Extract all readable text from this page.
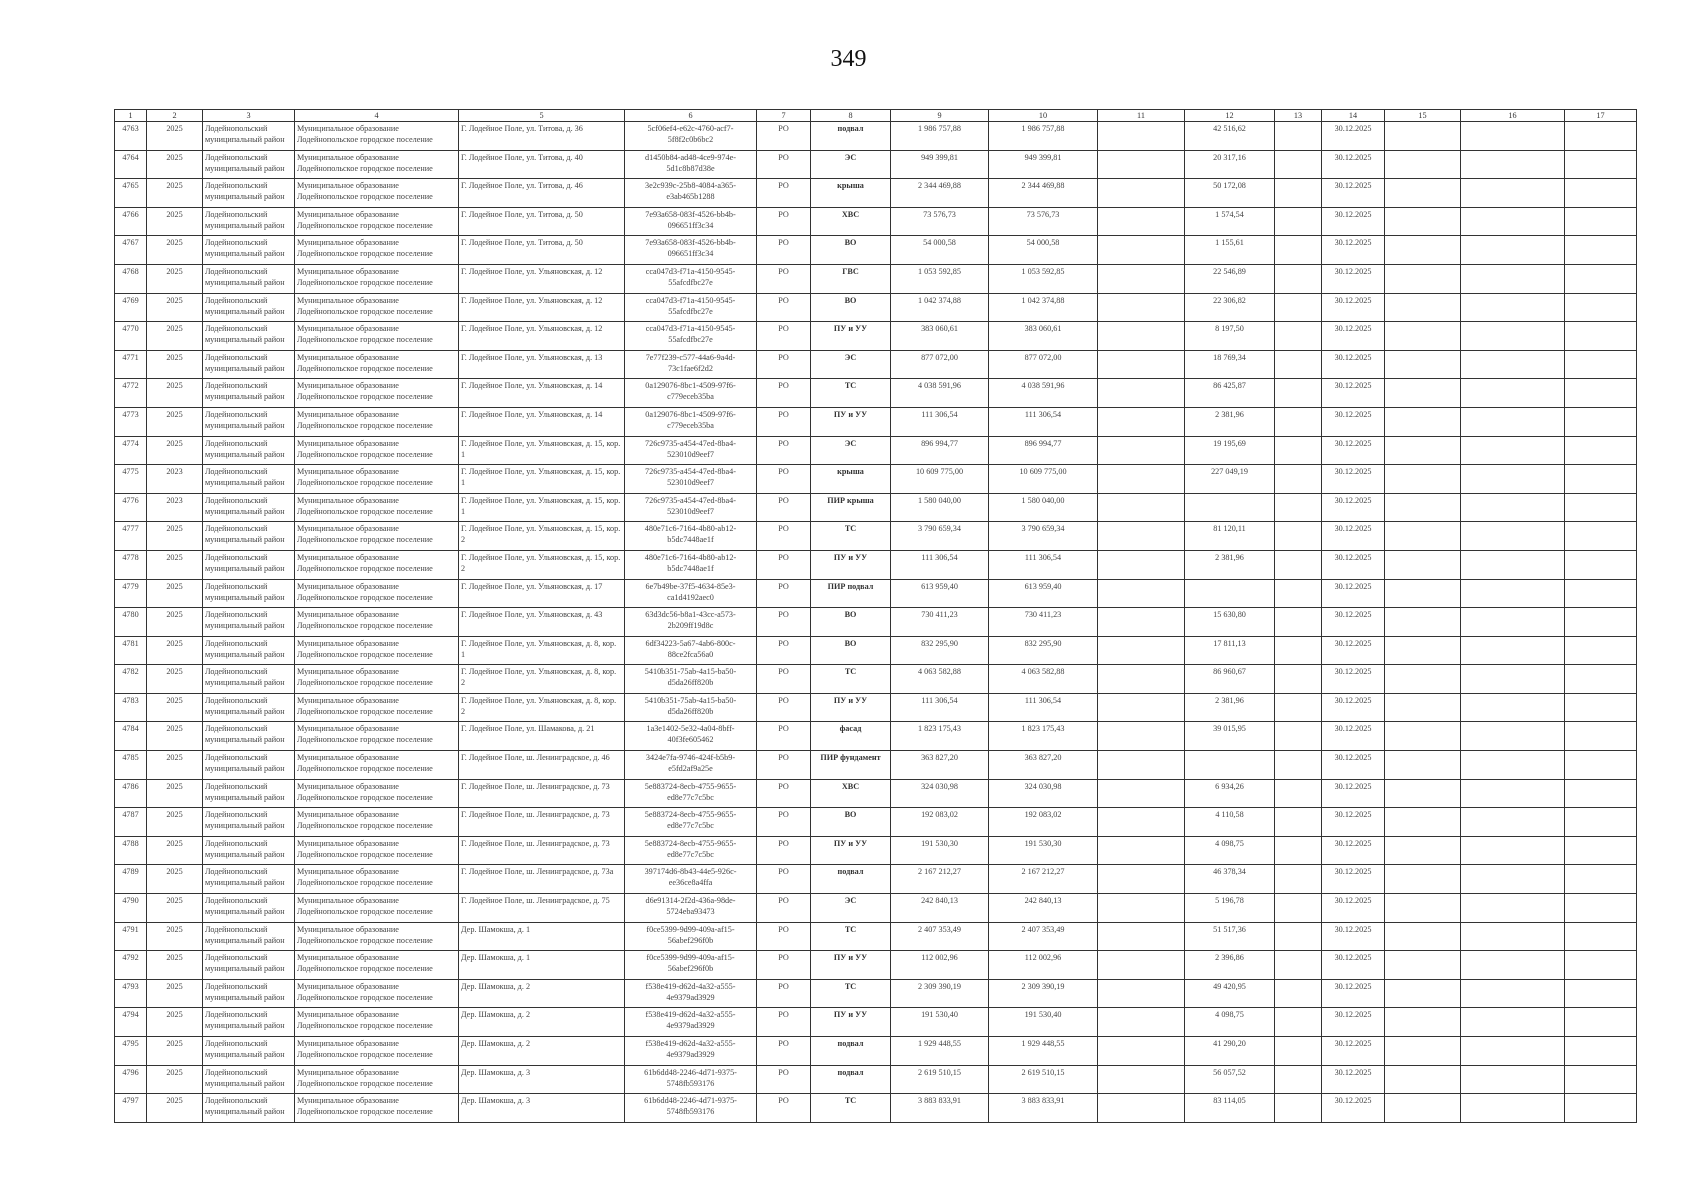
349
1	2	3	4	5	6	7	8	9	10	11	12	13	14	15	16	17
4763	2025	Лодейнопольский муниципальный район	Муниципальное образование Лодейнопольское городское поселение	Г. Лодейное Поле, ул. Титова, д. 36	5cf06ef4-e62c-4760-acf7-5f8f2c0b6bc2	РО	подвал	1 986 757,88	1 986 757,88		42 516,62		30.12.2025			
4764	2025	Лодейнопольский муниципальный район	Муниципальное образование Лодейнопольское городское поселение	Г. Лодейное Поле, ул. Титова, д. 40	d1450b84-ad48-4ce9-974e-5d1c8b87d38e	РО	ЭС	949 399,81	949 399,81		20 317,16		30.12.2025			
4765	2025	Лодейнопольский муниципальный район	Муниципальное образование Лодейнопольское городское поселение	Г. Лодейное Поле, ул. Титова, д. 46	3e2c939c-25b8-4084-a365-e3ab465b1288	РО	крыша	2 344 469,88	2 344 469,88		50 172,08		30.12.2025			
4766	2025	Лодейнопольский муниципальный район	Муниципальное образование Лодейнопольское городское поселение	Г. Лодейное Поле, ул. Титова, д. 50	7e93a658-083f-4526-bb4b-096651ff3c34	РО	ХВС	73 576,73	73 576,73		1 574,54		30.12.2025			
4767	2025	Лодейнопольский муниципальный район	Муниципальное образование Лодейнопольское городское поселение	Г. Лодейное Поле, ул. Титова, д. 50	7e93a658-083f-4526-bb4b-096651ff3c34	РО	ВО	54 000,58	54 000,58		1 155,61		30.12.2025			
4768	2025	Лодейнопольский муниципальный район	Муниципальное образование Лодейнопольское городское поселение	Г. Лодейное Поле, ул. Ульяновская, д. 12	cca047d3-f71a-4150-9545-55afcdfbc27e	РО	ГВС	1 053 592,85	1 053 592,85		22 546,89		30.12.2025			
4769	2025	Лодейнопольский муниципальный район	Муниципальное образование Лодейнопольское городское поселение	Г. Лодейное Поле, ул. Ульяновская, д. 12	cca047d3-f71a-4150-9545-55afcdfbc27e	РО	ВО	1 042 374,88	1 042 374,88		22 306,82		30.12.2025			
4770	2025	Лодейнопольский муниципальный район	Муниципальное образование Лодейнопольское городское поселение	Г. Лодейное Поле, ул. Ульяновская, д. 12	cca047d3-f71a-4150-9545-55afcdfbc27e	РО	ПУ и УУ	383 060,61	383 060,61		8 197,50		30.12.2025			
4771	2025	Лодейнопольский муниципальный район	Муниципальное образование Лодейнопольское городское поселение	Г. Лодейное Поле, ул. Ульяновская, д. 13	7e77f239-c577-44a6-9a4d-73c1fae6f2d2	РО	ЭС	877 072,00	877 072,00		18 769,34		30.12.2025			
4772	2025	Лодейнопольский муниципальный район	Муниципальное образование Лодейнопольское городское поселение	Г. Лодейное Поле, ул. Ульяновская, д. 14	0a129076-8bc1-4509-97f6-c779eceb35ba	РО	ТС	4 038 591,96	4 038 591,96		86 425,87		30.12.2025			
4773	2025	Лодейнопольский муниципальный район	Муниципальное образование Лодейнопольское городское поселение	Г. Лодейное Поле, ул. Ульяновская, д. 14	0a129076-8bc1-4509-97f6-c779eceb35ba	РО	ПУ и УУ	111 306,54	111 306,54		2 381,96		30.12.2025			
4774	2025	Лодейнопольский муниципальный район	Муниципальное образование Лодейнопольское городское поселение	Г. Лодейное Поле, ул. Ульяновская, д. 15, кор. 1	726c9735-a454-47ed-8ba4-523010d9eef7	РО	ЭС	896 994,77	896 994,77		19 195,69		30.12.2025			
4775	2023	Лодейнопольский муниципальный район	Муниципальное образование Лодейнопольское городское поселение	Г. Лодейное Поле, ул. Ульяновская, д. 15, кор. 1	726c9735-a454-47ed-8ba4-523010d9eef7	РО	крыша	10 609 775,00	10 609 775,00		227 049,19		30.12.2025			
4776	2023	Лодейнопольский муниципальный район	Муниципальное образование Лодейнопольское городское поселение	Г. Лодейное Поле, ул. Ульяновская, д. 15, кор. 1	726c9735-a454-47ed-8ba4-523010d9eef7	РО	ПИР крыша	1 580 040,00	1 580 040,00				30.12.2025			
4777	2025	Лодейнопольский муниципальный район	Муниципальное образование Лодейнопольское городское поселение	Г. Лодейное Поле, ул. Ульяновская, д. 15, кор. 2	480e71c6-7164-4b80-ab12-b5dc7448ae1f	РО	ТС	3 790 659,34	3 790 659,34		81 120,11		30.12.2025			
4778	2025	Лодейнопольский муниципальный район	Муниципальное образование Лодейнопольское городское поселение	Г. Лодейное Поле, ул. Ульяновская, д. 15, кор. 2	480e71c6-7164-4b80-ab12-b5dc7448ae1f	РО	ПУ и УУ	111 306,54	111 306,54		2 381,96		30.12.2025			
4779	2025	Лодейнопольский муниципальный район	Муниципальное образование Лодейнопольское городское поселение	Г. Лодейное Поле, ул. Ульяновская, д. 17	6e7b49be-37f5-4634-85e3-ca1d4192aec0	РО	ПИР подвал	613 959,40	613 959,40				30.12.2025			
4780	2025	Лодейнопольский муниципальный район	Муниципальное образование Лодейнопольское городское поселение	Г. Лодейное Поле, ул. Ульяновская, д. 43	63d3dc56-b8a1-43cc-a573-2b209ff19d8c	РО	ВО	730 411,23	730 411,23		15 630,80		30.12.2025			
4781	2025	Лодейнопольский муниципальный район	Муниципальное образование Лодейнопольское городское поселение	Г. Лодейное Поле, ул. Ульяновская, д. 8, кор. 1	6df34223-5a67-4ab6-800c-88ce2fca56a0	РО	ВО	832 295,90	832 295,90		17 811,13		30.12.2025			
4782	2025	Лодейнопольский муниципальный район	Муниципальное образование Лодейнопольское городское поселение	Г. Лодейное Поле, ул. Ульяновская, д. 8, кор. 2	5410b351-75ab-4a15-ba50-d5da26ff820b	РО	ТС	4 063 582,88	4 063 582,88		86 960,67		30.12.2025			
4783	2025	Лодейнопольский муниципальный район	Муниципальное образование Лодейнопольское городское поселение	Г. Лодейное Поле, ул. Ульяновская, д. 8, кор. 2	5410b351-75ab-4a15-ba50-d5da26ff820b	РО	ПУ и УУ	111 306,54	111 306,54		2 381,96		30.12.2025			
4784	2025	Лодейнопольский муниципальный район	Муниципальное образование Лодейнопольское городское поселение	Г. Лодейное Поле, ул. Шамакова, д. 21	1a3e1402-5e32-4a04-8bff-40f3fe605462	РО	фасад	1 823 175,43	1 823 175,43		39 015,95		30.12.2025			
4785	2025	Лодейнопольский муниципальный район	Муниципальное образование Лодейнопольское городское поселение	Г. Лодейное Поле, ш. Ленинградское, д. 46	3424e7fa-9746-424f-b5b9-e5fd2af9a25e	РО	ПИР фундамент	363 827,20	363 827,20				30.12.2025			
4786	2025	Лодейнопольский муниципальный район	Муниципальное образование Лодейнопольское городское поселение	Г. Лодейное Поле, ш. Ленинградское, д. 73	5e883724-8ecb-4755-9655-ed8e77c7c5bc	РО	ХВС	324 030,98	324 030,98		6 934,26		30.12.2025			
4787	2025	Лодейнопольский муниципальный район	Муниципальное образование Лодейнопольское городское поселение	Г. Лодейное Поле, ш. Ленинградское, д. 73	5e883724-8ecb-4755-9655-ed8e77c7c5bc	РО	ВО	192 083,02	192 083,02		4 110,58		30.12.2025			
4788	2025	Лодейнопольский муниципальный район	Муниципальное образование Лодейнопольское городское поселение	Г. Лодейное Поле, ш. Ленинградское, д. 73	5e883724-8ecb-4755-9655-ed8e77c7c5bc	РО	ПУ и УУ	191 530,30	191 530,30		4 098,75		30.12.2025			
4789	2025	Лодейнопольский муниципальный район	Муниципальное образование Лодейнопольское городское поселение	Г. Лодейное Поле, ш. Ленинградское, д. 73а	397174d6-8b43-44e5-926c-ee36ce8a4ffa	РО	подвал	2 167 212,27	2 167 212,27		46 378,34		30.12.2025			
4790	2025	Лодейнопольский муниципальный район	Муниципальное образование Лодейнопольское городское поселение	Г. Лодейное Поле, ш. Ленинградское, д. 75	d6e91314-2f2d-436a-98de-5724eba93473	РО	ЭС	242 840,13	242 840,13		5 196,78		30.12.2025			
4791	2025	Лодейнопольский муниципальный район	Муниципальное образование Лодейнопольское городское поселение	Дер. Шамокша, д. 1	f0ce5399-9d99-409a-af15-56abef296f0b	РО	ТС	2 407 353,49	2 407 353,49		51 517,36		30.12.2025			
4792	2025	Лодейнопольский муниципальный район	Муниципальное образование Лодейнопольское городское поселение	Дер. Шамокша, д. 1	f0ce5399-9d99-409a-af15-56abef296f0b	РО	ПУ и УУ	112 002,96	112 002,96		2 396,86		30.12.2025			
4793	2025	Лодейнопольский муниципальный район	Муниципальное образование Лодейнопольское городское поселение	Дер. Шамокша, д. 2	f538e419-d62d-4a32-a555-4e9379ad3929	РО	ТС	2 309 390,19	2 309 390,19		49 420,95		30.12.2025			
4794	2025	Лодейнопольский муниципальный район	Муниципальное образование Лодейнопольское городское поселение	Дер. Шамокша, д. 2	f538e419-d62d-4a32-a555-4e9379ad3929	РО	ПУ и УУ	191 530,40	191 530,40		4 098,75		30.12.2025			
4795	2025	Лодейнопольский муниципальный район	Муниципальное образование Лодейнопольское городское поселение	Дер. Шамокша, д. 2	f538e419-d62d-4a32-a555-4e9379ad3929	РО	подвал	1 929 448,55	1 929 448,55		41 290,20		30.12.2025			
4796	2025	Лодейнопольский муниципальный район	Муниципальное образование Лодейнопольское городское поселение	Дер. Шамокша, д. 3	61b6dd48-2246-4d71-9375-5748fb593176	РО	подвал	2 619 510,15	2 619 510,15		56 057,52		30.12.2025			
4797	2025	Лодейнопольский муниципальный район	Муниципальное образование Лодейнопольское городское поселение	Дер. Шамокша, д. 3	61b6dd48-2246-4d71-9375-5748fb593176	РО	ТС	3 883 833,91	3 883 833,91		83 114,05		30.12.2025			
